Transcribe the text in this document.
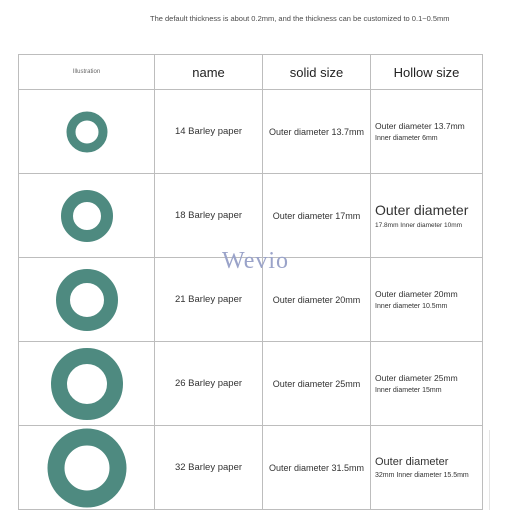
The default thickness is about 0.2mm, and the thickness can be customized to 0.1~0.5mm
Illustration	name	solid size	Hollow size

	14 Barley paper	Outer diameter 13.7mm	Outer diameter 13.7mm
Inner diameter 6mm

	18 Barley paper	Outer diameter 17mm	Outer diameter
17.8mm Inner diameter 10mm

	21 Barley paper	Outer diameter 20mm	Outer diameter 20mm
Inner diameter 10.5mm

	26 Barley paper	Outer diameter 25mm	Outer diameter 25mm
Inner diameter 15mm

	32 Barley paper	Outer diameter 31.5mm	Outer diameter
32mm Inner diameter 15.5mm
Wevio
